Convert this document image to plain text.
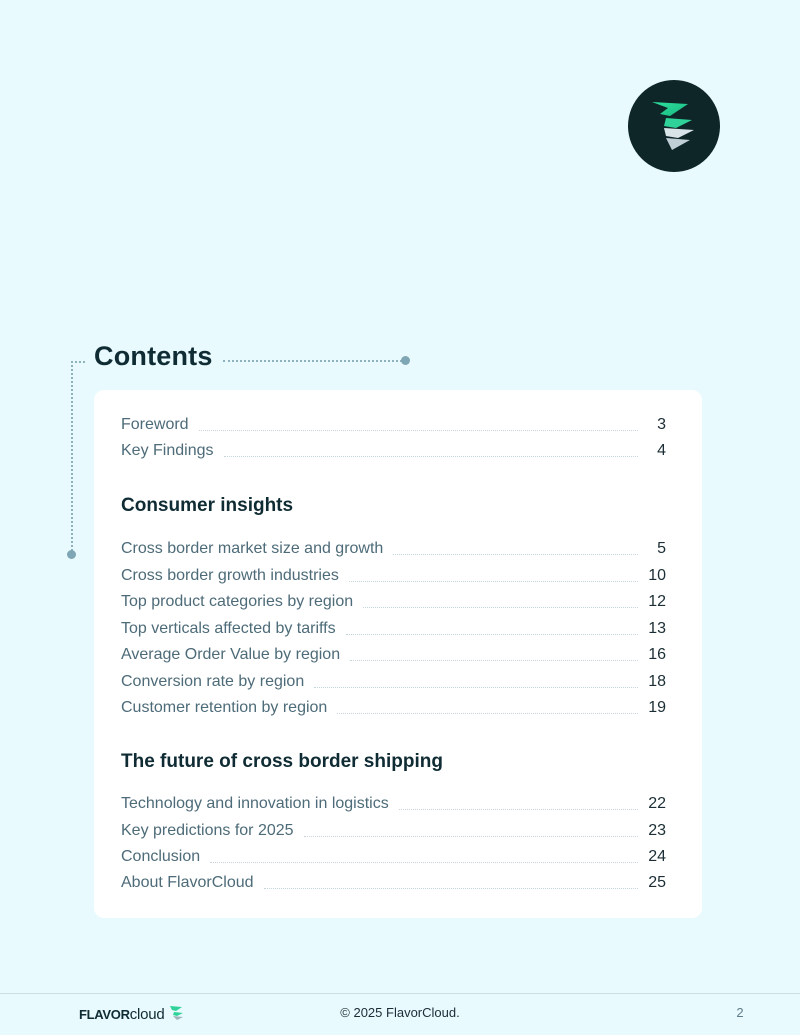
Contents
Foreword	3
Key Findings	4
Consumer insights
Cross border market size and growth	5
Cross border growth industries	10
Top product categories by region	12
Top verticals affected by tariffs	13
Average Order Value by region	16
Conversion rate by region	18
Customer retention by region	19
The future of cross border shipping
Technology and innovation in logistics	22
Key predictions for 2025	23
Conclusion	24
About FlavorCloud	25
FLAVOR cloud	© 2025 FlavorCloud.	2
